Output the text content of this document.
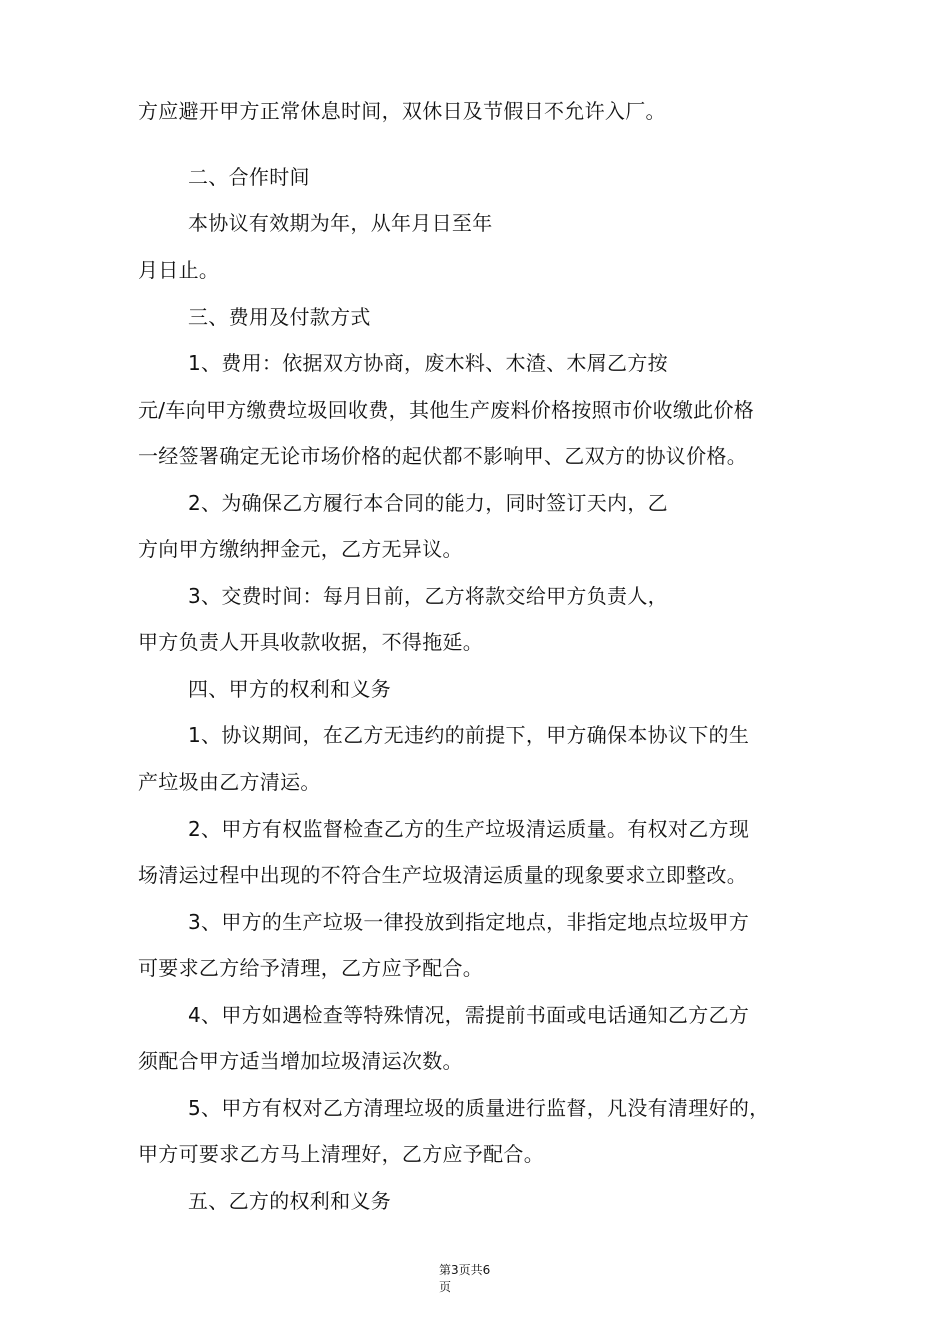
方应避开甲方正常休息时间，双休日及节假日不允许入厂。

二、合作时间

本协议有效期为年，从年月日至年

月日止。

三、费用及付款方式

1、费用：依据双方协商，废木料、木渣、木屑乙方按

元/车向甲方缴费垃圾回收费，其他生产废料价格按照市价收缴此价格

一经签署确定无论市场价格的起伏都不影响甲、乙双方的协议价格。

2、为确保乙方履行本合同的能力，同时签订天内，乙

方向甲方缴纳押金元，乙方无异议。

3、交费时间：每月日前，乙方将款交给甲方负责人，

甲方负责人开具收款收据，不得拖延。

四、甲方的权利和义务

1、协议期间，在乙方无违约的前提下，甲方确保本协议下的生

产垃圾由乙方清运。

2、甲方有权监督检查乙方的生产垃圾清运质量。有权对乙方现

场清运过程中出现的不符合生产垃圾清运质量的现象要求立即整改。

3、甲方的生产垃圾一律投放到指定地点，非指定地点垃圾甲方

可要求乙方给予清理，乙方应予配合。

4、甲方如遇检查等特殊情况，需提前书面或电话通知乙方乙方

须配合甲方适当增加垃圾清运次数。

5、甲方有权对乙方清理垃圾的质量进行监督，凡没有清理好的，

甲方可要求乙方马上清理好，乙方应予配合。

五、乙方的权利和义务

第3页共6
页
